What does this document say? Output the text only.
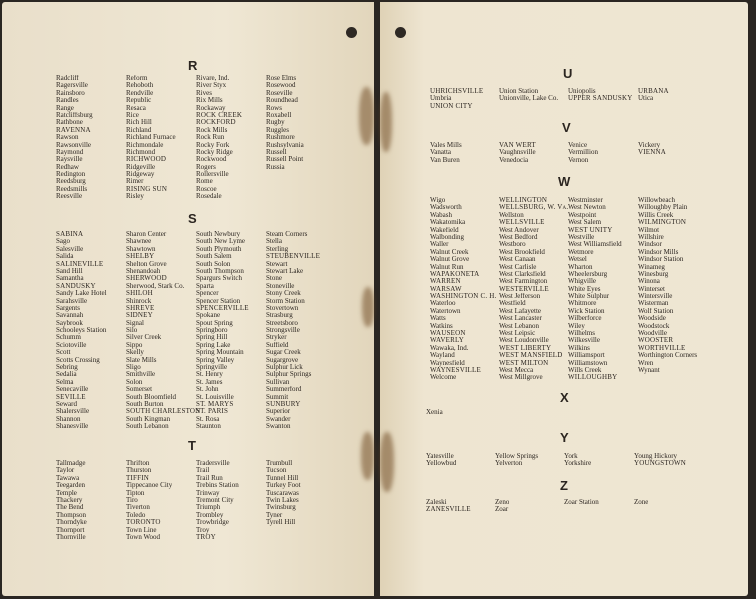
R
Radcliff
Ragersville
Rainsboro
Randles
Range
Ratcliffsburg
Rathbone
RAVENNA
Rawson
Rawsonville
Raymond
Raysville
Redhaw
Redington
Reedsburg
Reedsmills
Reesville
Reform
Rehoboth
Rendville
Republic
Resaca
Rice
Rich Hill
Richland
Richland Furnace
Richmondale
Richmond
RICHWOOD
Ridgeville
Ridgeway
Rimer
RISING SUN
Risley
Rivare, Ind.
River Styx
Rives
Rix Mills
Rockaway
ROCK CREEK
ROCKFORD
Rock Mills
Rock Run
Rocky Fork
Rocky Ridge
Rockwood
Rogers
Rollersville
Rome
Roscoe
Rosedale
Rose Elms
Rosewood
Roseville
Roundhead
Rows
Roxabell
Rugby
Ruggles
Rushmore
Rushsylvania
Russell
Russell Point
Russia
S
SABINA
Sago
Salesville
Salida
SALINEVILLE
Sand Hill
Samantha
SANDUSKY
Sandy Lake Hotel
Sarahsville
Sargents
Savannah
Saybrook
Schooleys Station
Schumm
Sciotoville
Scott
Scotts Crossing
Sebring
Sedalia
Selma
Senecaville
SEVILLE
Seward
Shalersville
Shannon
Shanesville
Sharon Center
Shawnee
Shawtown
SHELBY
Shelton Grove
Shenandoah
SHERWOOD
Sherwood, Stark Co.
SHILOH
Shinrock
SHREVE
SIDNEY
Signal
Silo
Silver Creek
Sippo
Skelly
Slate Mills
Sligo
Smithville
Solon
Somerset
South Bloomfield
South Burton
SOUTH CHARLESTON
South Kingman
South Lebanon
South Newbury
South New Lyme
South Plymouth
South Salem
South Solon
South Thompson
Spargurs Switch
Sparta
Spencer
Spencer Station
SPENCERVILLE
Spokane
Spout Spring
Springboro
Spring Hill
Spring Lake
Spring Mountain
Spring Valley
Springville
St. Henry
St. James
St. John
St. Louisville
ST. MARYS
ST. PARIS
St. Rosa
Staunton
Steam Corners
Stella
Sterling
STEUBENVILLE
Stewart
Stewart Lake
Stone
Stoneville
Stony Creek
Storm Station
Stovertown
Strasburg
Streetsboro
Strongsville
Stryker
Suffield
Sugar Creek
Sugargrove
Sulphur Lick
Sulphur Springs
Sullivan
Summerford
Summit
SUNBURY
Superior
Swander
Swanton
T
Tallmadge
Taylor
Tawawa
Teegarden
Temple
Thackery
The Bend
Thompson
Thorndyke
Thornport
Thornville
Thrifton
Thurston
TIFFIN
Tippecanoe City
Tipton
Tiro
Tiverton
Toledo
TORONTO
Town Line
Town Wood
Tradersville
Trail
Trail Run
Trebins Station
Trinway
Tremont City
Triumph
Trombley
Trowbridge
Troy
TROY
Trumbull
Tucson
Tunnel Hill
Turkey Foot
Tuscarawas
Twin Lakes
Twinsburg
Tyner
Tyrell Hill
U
UHRICHSVILLE
Umbria
UNION CITY
Union Station
Unionville, Lake Co.
Uniopolis
UPPER SANDUSKY
URBANA
Utica
V
Vales Mills
Vanatta
Van Buren
VAN WERT
Vaughnsville
Venedocia
Venice
Vermillion
Vernon
Vickery
VIENNA
W
Wigo
Wadsworth
Wabash
Wakatomika
Wakefield
Walbonding
Waller
Walnut Creek
Walnut Grove
Walnut Run
WAPAKONETA
WARREN
WARSAW
WASHINGTON C. H.
Waterloo
Watertown
Watts
Watkins
WAUSEON
WAVERLY
Wawaka, Ind.
Wayland
Waynesfield
WAYNESVILLE
Welcome
WELLINGTON
WELLSBURG, W. Va.
Wellston
WELLSVILLE
West Andover
West Bedford
Westboro
West Brookfield
West Canaan
West Carlisle
West Clarksfield
West Farmington
WESTERVILLE
West Jefferson
Westfield
West Lafayette
West Lancaster
West Lebanon
West Leipsic
West Loudonville
WEST LIBERTY
WEST MANSFIELD
WEST MILTON
West Mecca
West Millgrove
Westminster
West Newton
Westpoint
West Salem
WEST UNITY
Westville
West Williamsfield
Wetmore
Wetsel
Wharton
Wheelersburg
Whigville
White Eyes
White Sulphur
Whitmore
Wick Station
Wilberforce
Wiley
Wilhelms
Wilkesville
Wilkins
Williamsport
Williamstown
Wills Creek
WILLOUGHBY
Willowbeach
Willoughby Plain
Willis Creek
WILMINGTON
Wilmot
Willshire
Windsor
Windsor Mills
Windsor Station
Winameg
Winesburg
Winona
Winterset
Wintersville
Wisterman
Wolf Station
Woodside
Woodstock
Woodville
WOOSTER
WORTHVILLE
Worthington Corners
Wren
Wynant
X
Xenia
Y
Yatesville
Yellowbud
Yellow Springs
Yelverton
York
Yorkshire
Young Hickory
YOUNGSTOWN
Z
Zaleski
ZANESVILLE
Zeno
Zoar
Zoar Station	Zone
